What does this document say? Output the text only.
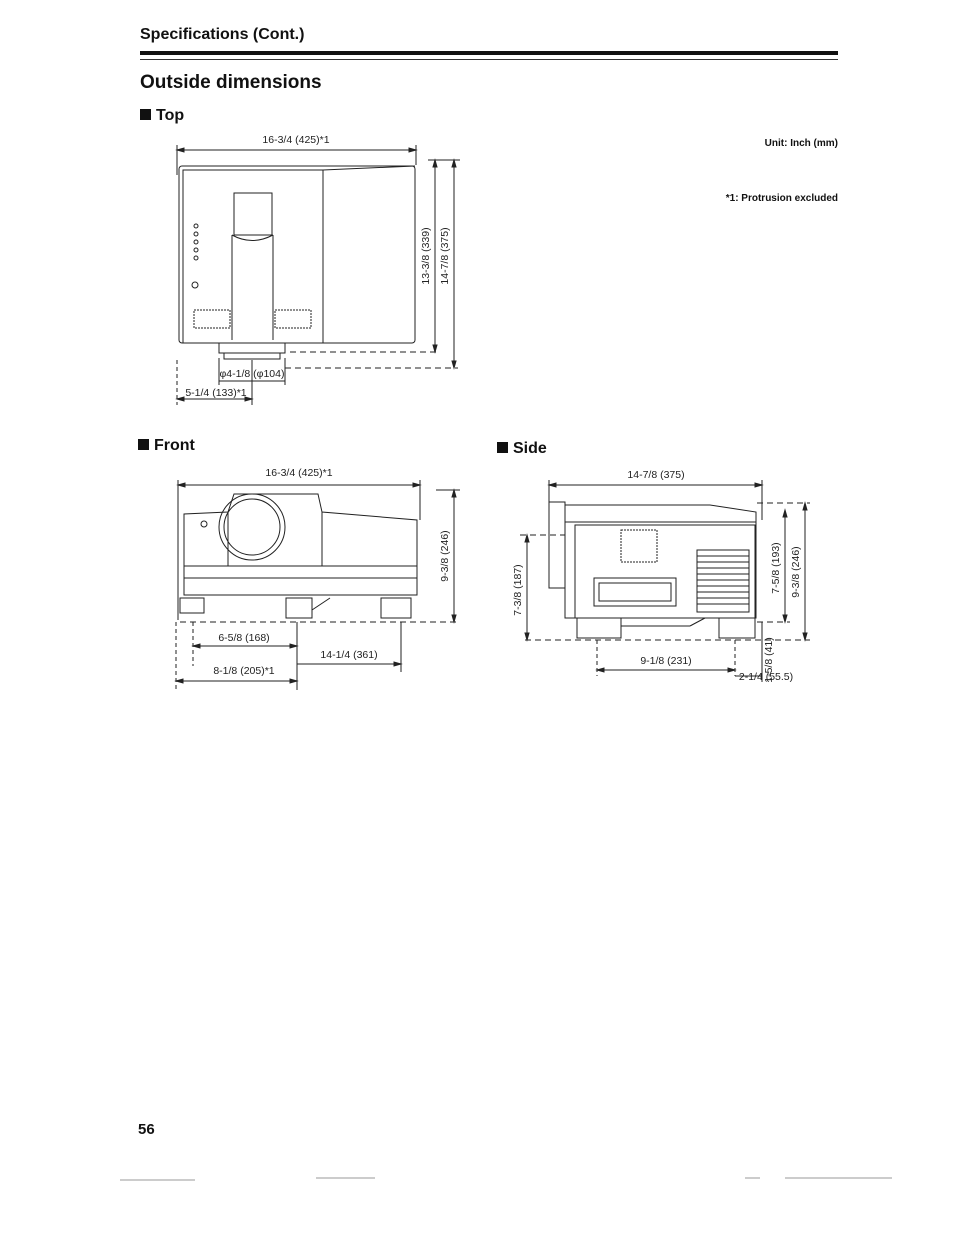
Specifications (Cont.)
Outside dimensions
Top
Front	Side
Unit: Inch (mm)
*1: Protrusion excluded
16-3/4 (425)*1
13-3/8 (339) 14-7/8 (375)
φ4-1/8 (φ104)
5-1/4 (133)*1
16-3/4 (425)*1
9-3/8 (246)
6-5/8 (168)
14-1/4 (361)
8-1/8 (205)*1
14-7/8 (375)
7-3/8 (187)	7-5/8 (193) 9-3/8 (246)
9-1/8 (231)	1-5/8 (41)
2-1/4 (55.5)
56
